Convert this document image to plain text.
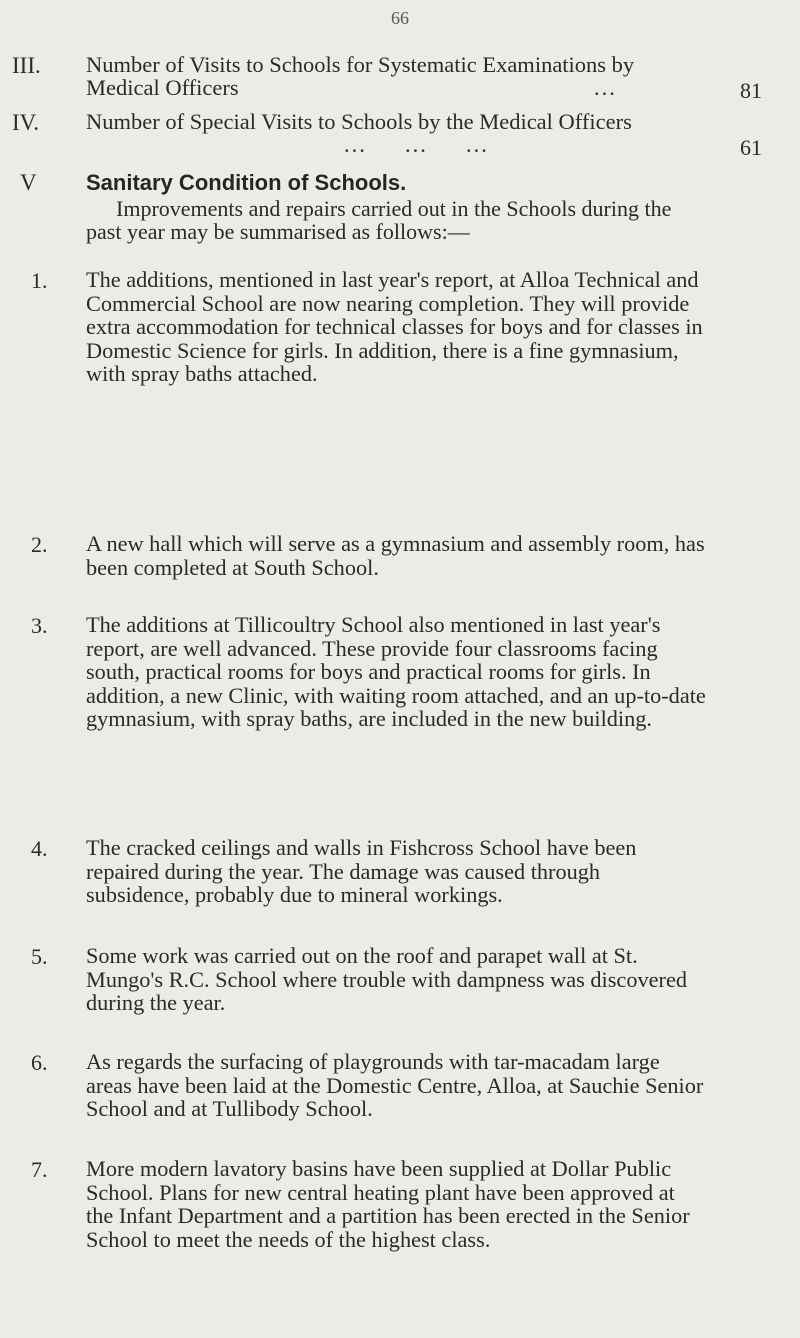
66
III. Number of Visits to Schools for Systematic Examinations by Medical Officers	...	81
IV. Number of Special Visits to Schools by the Medical Officers
...     ...     ...	61
V Sanitary Condition of Schools.
Improvements and repairs carried out in the Schools during the past year may be summarised as follows:—
1. The additions, mentioned in last year's report, at Alloa Technical and Commercial School are now nearing completion. They will provide extra accommodation for technical classes for boys and for classes in Domestic Science for girls. In addition, there is a fine gymnasium, with spray baths attached.
2. A new hall which will serve as a gymnasium and assembly room, has been completed at South School.
3. The additions at Tillicoultry School also mentioned in last year's report, are well advanced. These provide four classrooms facing south, practical rooms for boys and practical rooms for girls. In addition, a new Clinic, with waiting room attached, and an up-to-date gymnasium, with spray baths, are included in the new building.
4. The cracked ceilings and walls in Fishcross School have been repaired during the year. The damage was caused through subsidence, probably due to mineral workings.
5. Some work was carried out on the roof and parapet wall at St. Mungo's R.C. School where trouble with dampness was discovered during the year.
6. As regards the surfacing of playgrounds with tar-macadam large areas have been laid at the Domestic Centre, Alloa, at Sauchie Senior School and at Tullibody School.
7. More modern lavatory basins have been supplied at Dollar Public School. Plans for new central heating plant have been approved at the Infant Department and a partition has been erected in the Senior School to meet the needs of the highest class.
